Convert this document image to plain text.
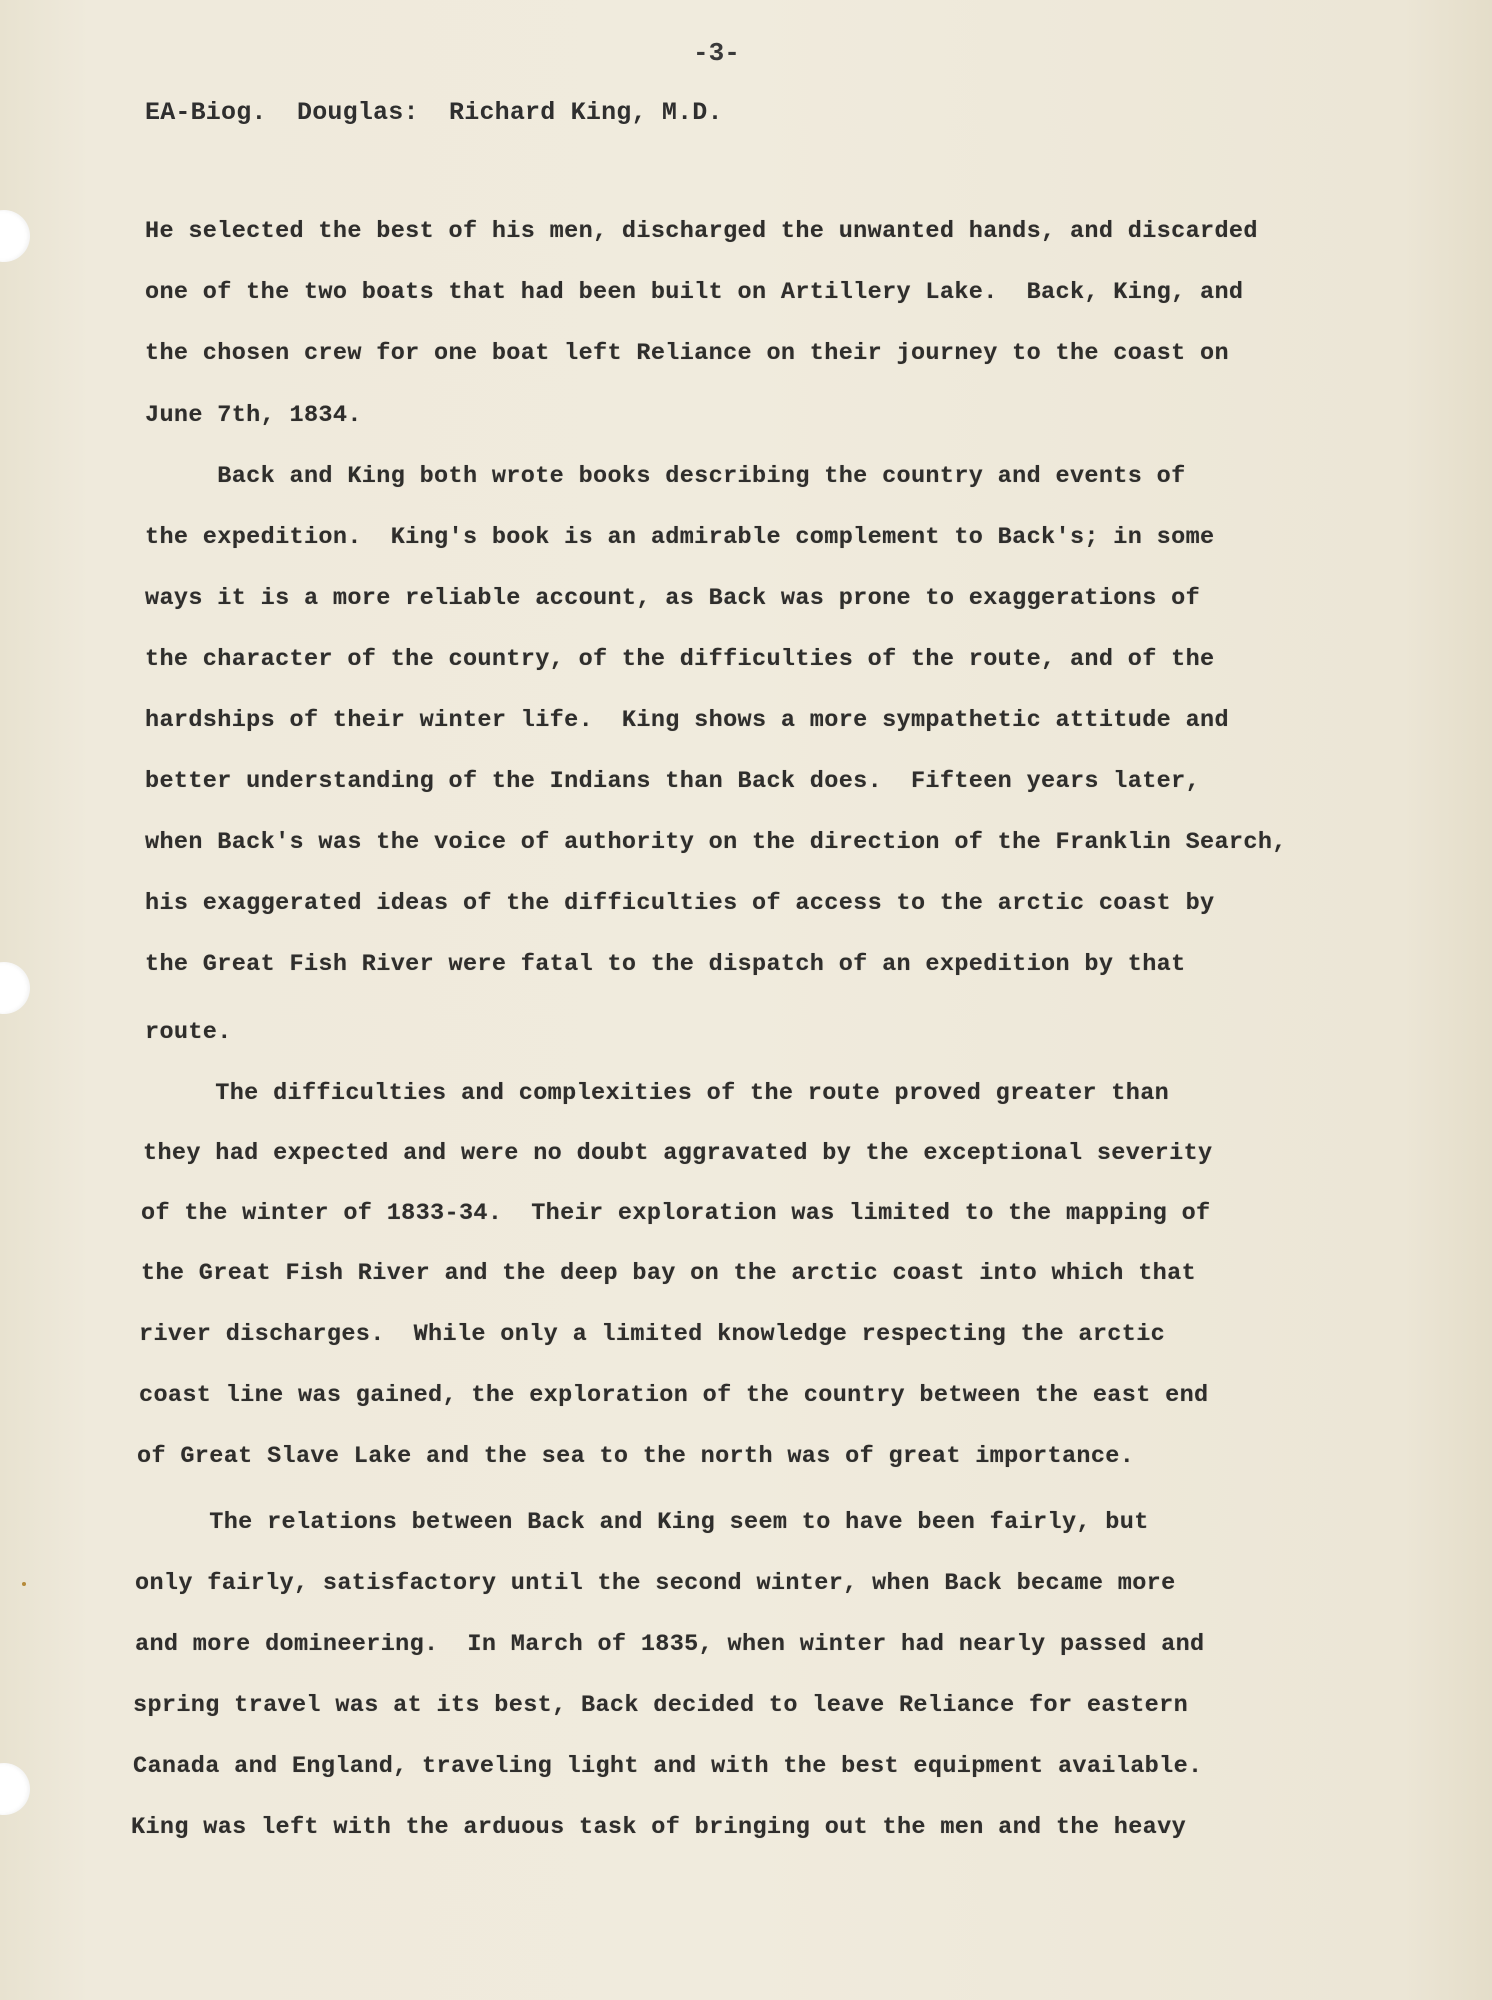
-3-
EA-Biog.  Douglas:  Richard King, M.D.
He selected the best of his men, discharged the unwanted hands, and discarded
one of the two boats that had been built on Artillery Lake.  Back, King, and
the chosen crew for one boat left Reliance on their journey to the coast on
June 7th, 1834.
Back and King both wrote books describing the country and events of
the expedition.  King's book is an admirable complement to Back's; in some
ways it is a more reliable account, as Back was prone to exaggerations of
the character of the country, of the difficulties of the route, and of the
hardships of their winter life.  King shows a more sympathetic attitude and
better understanding of the Indians than Back does.  Fifteen years later,
when Back's was the voice of authority on the direction of the Franklin Search,
his exaggerated ideas of the difficulties of access to the arctic coast by
the Great Fish River were fatal to the dispatch of an expedition by that
route.
The difficulties and complexities of the route proved greater than
they had expected and were no doubt aggravated by the exceptional severity
of the winter of 1833-34.  Their exploration was limited to the mapping of
the Great Fish River and the deep bay on the arctic coast into which that
river discharges.  While only a limited knowledge respecting the arctic
coast line was gained, the exploration of the country between the east end
of Great Slave Lake and the sea to the north was of great importance.
The relations between Back and King seem to have been fairly, but
only fairly, satisfactory until the second winter, when Back became more
and more domineering.  In March of 1835, when winter had nearly passed and
spring travel was at its best, Back decided to leave Reliance for eastern
Canada and England, traveling light and with the best equipment available.
King was left with the arduous task of bringing out the men and the heavy
